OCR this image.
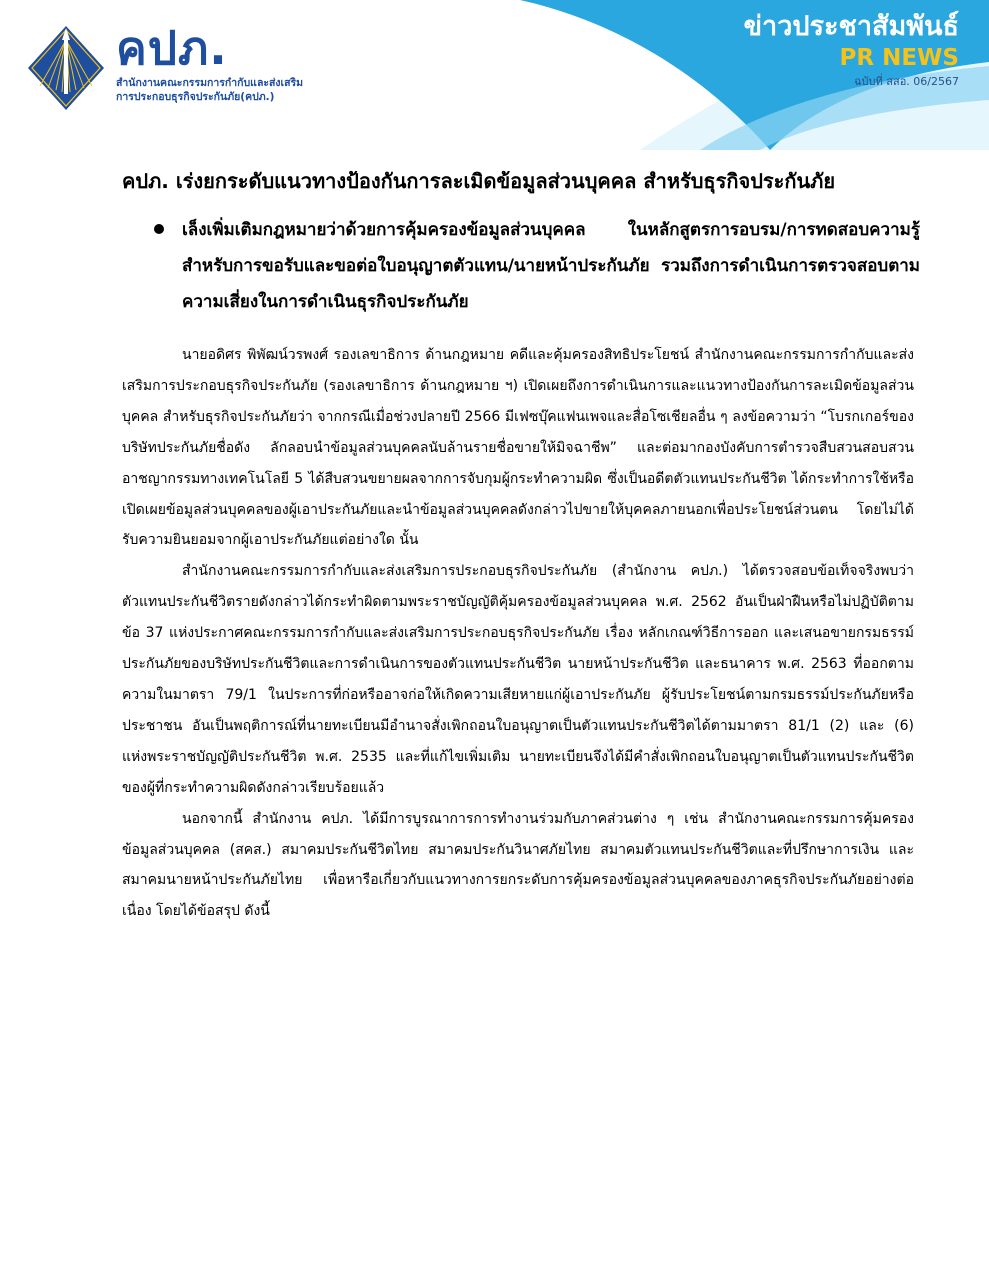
คปภ.
สำนักงานคณะกรรมการกำกับและส่งเสริม
การประกอบธุรกิจประกันภัย(คปภ.)
ข่าวประชาสัมพันธ์
PR NEWS
ฉบับที่ สสอ. 06/2567
คปภ. เร่งยกระดับแนวทางป้องกันการละเมิดข้อมูลส่วนบุคคล สำหรับธุรกิจประกันภัย

เล็งเพิ่มเติมกฎหมายว่าด้วยการคุ้มครองข้อมูลส่วนบุคคล ในหลักสูตรการอบรม/การทดสอบความรู้สำหรับการขอรับและขอต่อใบอนุญาตตัวแทน/นายหน้าประกันภัย รวมถึงการดำเนินการตรวจสอบตามความเสี่ยงในการดำเนินธุรกิจประกันภัย

นายอดิศร พิพัฒน์วรพงศ์ รองเลขาธิการ ด้านกฎหมาย คดีและคุ้มครองสิทธิประโยชน์ สำนักงานคณะกรรมการกำกับและส่งเสริมการประกอบธุรกิจประกันภัย (รองเลขาธิการ ด้านกฎหมาย ฯ) เปิดเผยถึงการดำเนินการและแนวทางป้องกันการละเมิดข้อมูลส่วนบุคคล สำหรับธุรกิจประกันภัยว่า จากกรณีเมื่อช่วงปลายปี 2566 มีเฟซบุ๊คแฟนเพจและสื่อโซเชียลอื่น ๆ ลงข้อความว่า “โบรกเกอร์ของบริษัทประกันภัยชื่อดัง ลักลอบนำข้อมูลส่วนบุคคลนับล้านรายชื่อขายให้มิจฉาชีพ” และต่อมากองบังคับการตำรวจสืบสวนสอบสวนอาชญากรรมทางเทคโนโลยี 5 ได้สืบสวนขยายผลจากการจับกุมผู้กระทำความผิด ซึ่งเป็นอดีตตัวแทนประกันชีวิต ได้กระทำการใช้หรือเปิดเผยข้อมูลส่วนบุคคลของผู้เอาประกันภัยและนำข้อมูลส่วนบุคคลดังกล่าวไปขายให้บุคคลภายนอกเพื่อประโยชน์ส่วนตน โดยไม่ได้รับความยินยอมจากผู้เอาประกันภัยแต่อย่างใด นั้น

สำนักงานคณะกรรมการกำกับและส่งเสริมการประกอบธุรกิจประกันภัย (สำนักงาน คปภ.) ได้ตรวจสอบข้อเท็จจริงพบว่า ตัวแทนประกันชีวิตรายดังกล่าวได้กระทำผิดตามพระราชบัญญัติคุ้มครองข้อมูลส่วนบุคคล พ.ศ. 2562 อันเป็นฝ่าฝืนหรือไม่ปฏิบัติตามข้อ 37 แห่งประกาศคณะกรรมการกำกับและส่งเสริมการประกอบธุรกิจประกันภัย เรื่อง หลักเกณฑ์วิธีการออก และเสนอขายกรมธรรม์ประกันภัยของบริษัทประกันชีวิตและการดำเนินการของตัวแทนประกันชีวิต นายหน้าประกันชีวิต และธนาคาร พ.ศ. 2563 ที่ออกตามความในมาตรา 79/1 ในประการที่ก่อหรืออาจก่อให้เกิดความเสียหายแก่ผู้เอาประกันภัย ผู้รับประโยชน์ตามกรมธรรม์ประกันภัยหรือประชาชน อันเป็นพฤติการณ์ที่นายทะเบียนมีอำนาจสั่งเพิกถอนใบอนุญาตเป็นตัวแทนประกันชีวิตได้ตามมาตรา 81/1 (2) และ (6) แห่งพระราชบัญญัติประกันชีวิต พ.ศ. 2535 และที่แก้ไขเพิ่มเติม นายทะเบียนจึงได้มีคำสั่งเพิกถอนใบอนุญาตเป็นตัวแทนประกันชีวิตของผู้ที่กระทำความผิดดังกล่าวเรียบร้อยแล้ว

นอกจากนี้ สำนักงาน คปภ. ได้มีการบูรณาการการทำงานร่วมกับภาคส่วนต่าง ๆ เช่น สำนักงานคณะกรรมการคุ้มครองข้อมูลส่วนบุคคล (สคส.) สมาคมประกันชีวิตไทย สมาคมประกันวินาศภัยไทย สมาคมตัวแทนประกันชีวิตและที่ปรึกษาการเงิน และสมาคมนายหน้าประกันภัยไทย เพื่อหารือเกี่ยวกับแนวทางการยกระดับการคุ้มครองข้อมูลส่วนบุคคลของภาคธุรกิจประกันภัยอย่างต่อเนื่อง โดยได้ข้อสรุป ดังนี้
